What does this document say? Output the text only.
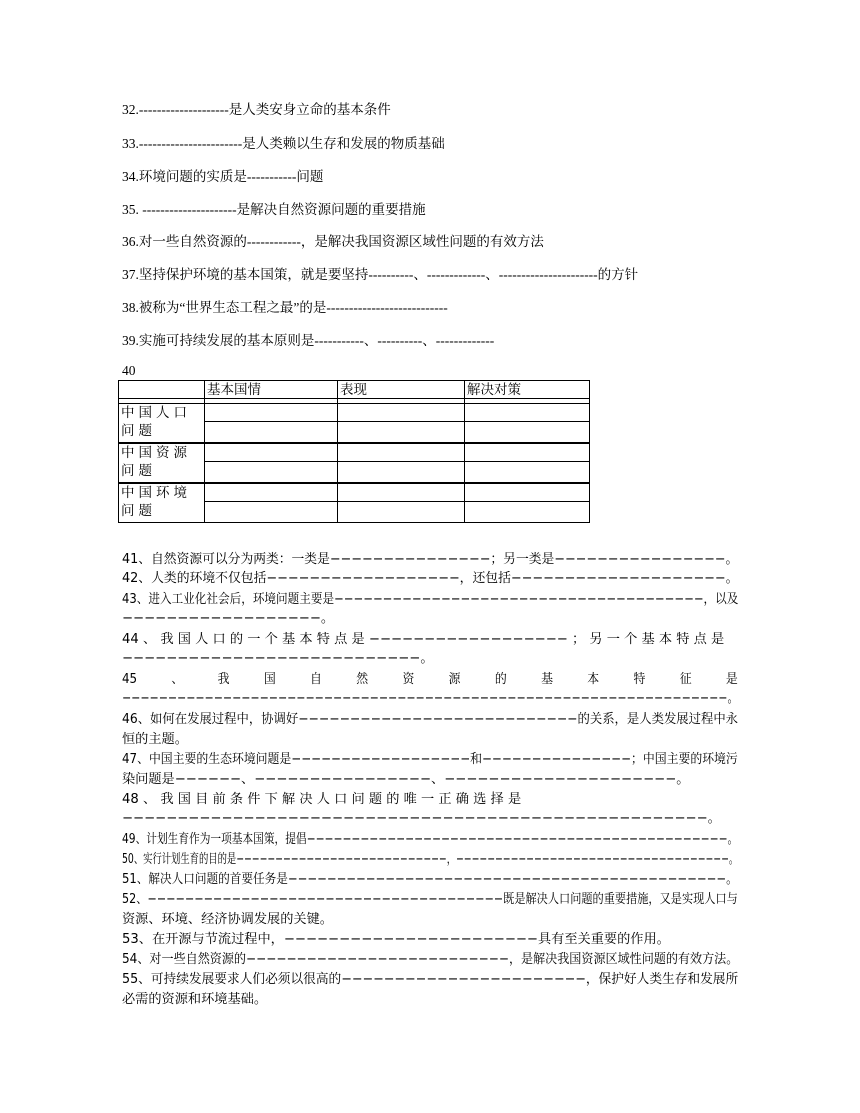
32.--------------------是人类安身立命的基本条件
33.-----------------------是人类赖以生存和发展的物质基础
34.环境问题的实质是-----------问题
35. ---------------------是解决自然资源问题的重要措施
36.对一些自然资源的------------，是解决我国资源区域性问题的有效方法
37.坚持保护环境的基本国策，就是要坚持----------、-------------、----------------------的方针
38.被称为“世界生态工程之最”的是---------------------------
39.实施可持续发展的基本原则是-----------、----------、-------------
40
	基本国情	表现	解决对策

中国人口问题			

中国资源问题			

中国环境问题			

41、自然资源可以分为两类：一类是−−−−−−−−−−−−−−−；另一类是−−−−−−−−−−−−−−−−。
42、人类的环境不仅包括−−−−−−−−−−−−−−−−−−，还包括−−−−−−−−−−−−−−−−−−−−。
43、进入工业化社会后，环境问题主要是−−−−−−−−−−−−−−−−−−−−−−−−−−−−−−−−−−−−−−，以及
−−−−−−−−−−−−−−−−−−。
44 、 我 国 人 口 的 一 个 基 本 特 点 是 −−−−−−−−−−−−−−−−−− ； 另 一 个 基 本 特 点 是
−−−−−−−−−−−−−−−−−−−−−−−−−−−。
45 、 我 国 自 然 资 源 的 基 本 特 征 是
−−−−−−−−−−−−−−−−−−−−−−−−−−−−−−−−−−−−−−−−−−−−−−−−−−−−−−−−−−−−−−−−−−。
46、如何在发展过程中，协调好−−−−−−−−−−−−−−−−−−−−−−−−−−−的关系，是人类发展过程中永
恒的主题。
47、中国主要的生态环境问题是−−−−−−−−−−−−−−−−−−和−−−−−−−−−−−−−−−；中国主要的环境污
染问题是−−−−−−、−−−−−−−−−−−−−−−−、−−−−−−−−−−−−−−−−−−−−−。
48 、 我 国 目 前 条 件 下 解 决 人 口 问 题 的 唯 一 正 确 选 择 是
−−−−−−−−−−−−−−−−−−−−−−−−−−−−−−−−−−−−−−−−−−−−−−−−−−−−−。
49、计划生育作为一项基本国策，提倡−−−−−−−−−−−−−−−−−−−−−−−−−−−−−−−−−−−−−−−−−−−−−−−。
50、实行计划生育的目的是−−−−−−−−−−−−−−−−−−−−−−−−−−−，−−−−−−−−−−−−−−−−−−−−−−−−−−−−−−−−−−−。
51、解决人口问题的首要任务是−−−−−−−−−−−−−−−−−−−−−−−−−−−−−−−−−−−−−−−−−−−−−。
52、−−−−−−−−−−−−−−−−−−−−−−−−−−−−−−−−−−−−−−既是解决人口问题的重要措施，又是实现人口与
资源、环境、经济协调发展的关键。
53、在开源与节流过程中，−−−−−−−−−−−−−−−−−−−−−−−具有至关重要的作用。
54、对一些自然资源的−−−−−−−−−−−−−−−−−−−−−−−−−−，是解决我国资源区域性问题的有效方法。
55、可持续发展要求人们必须以很高的−−−−−−−−−−−−−−−−−−−−−−−，保护好人类生存和发展所
必需的资源和环境基础。
